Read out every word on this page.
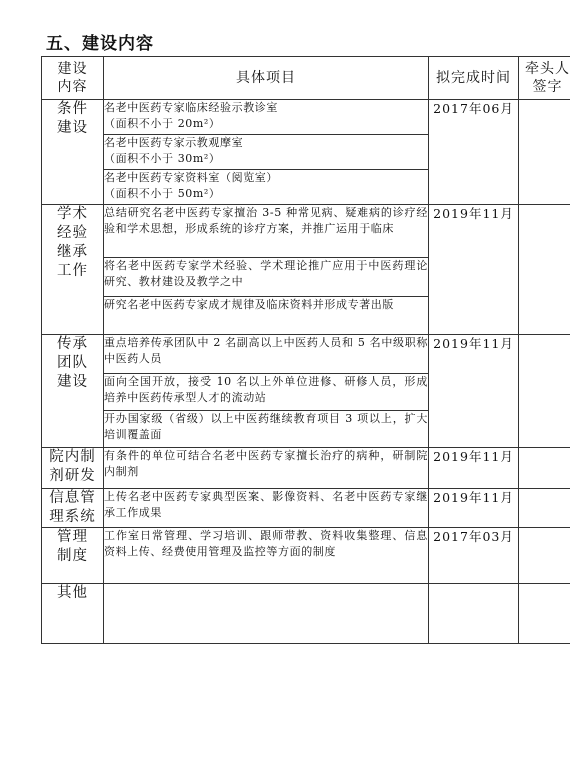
五、建设内容
建设
内容	具体项目	拟完成时间	牵头人
签字

条件
建设	名老中医药专家临床经验示教诊室
（面积不小于 20m²）	2017年06月	

	名老中医药专家示教观摩室
（面积不小于 30m²）		

	名老中医药专家资料室（阅览室）
（面积不小于 50m²）		

学术
经验
继承
工作	总结研究名老中医药专家擅治 3-5 种常见病、疑难病的诊疗经验和学术思想，形成系统的诊疗方案，并推广运用于临床	2019年11月	

	将名老中医药专家学术经验、学术理论推广应用于中医药理论研究、教材建设及教学之中		

	研究名老中医药专家成才规律及临床资料并形成专著出版		

传承
团队
建设	重点培养传承团队中 2 名副高以上中医药人员和 5 名中级职称中医药人员	2019年11月	

	面向全国开放，接受 10 名以上外单位进修、研修人员，形成培养中医药传承型人才的流动站		

	开办国家级（省级）以上中医药继续教育项目 3 项以上，扩大培训覆盖面		

院内制
剂研发	有条件的单位可结合名老中医药专家擅长治疗的病种，研制院内制剂	2019年11月	

信息管
理系统	上传名老中医药专家典型医案、影像资料、名老中医药专家继承工作成果	2019年11月	

管理
制度	工作室日常管理、学习培训、跟师带教、资料收集整理、信息资料上传、经费使用管理及监控等方面的制度	2017年03月	

其他			
